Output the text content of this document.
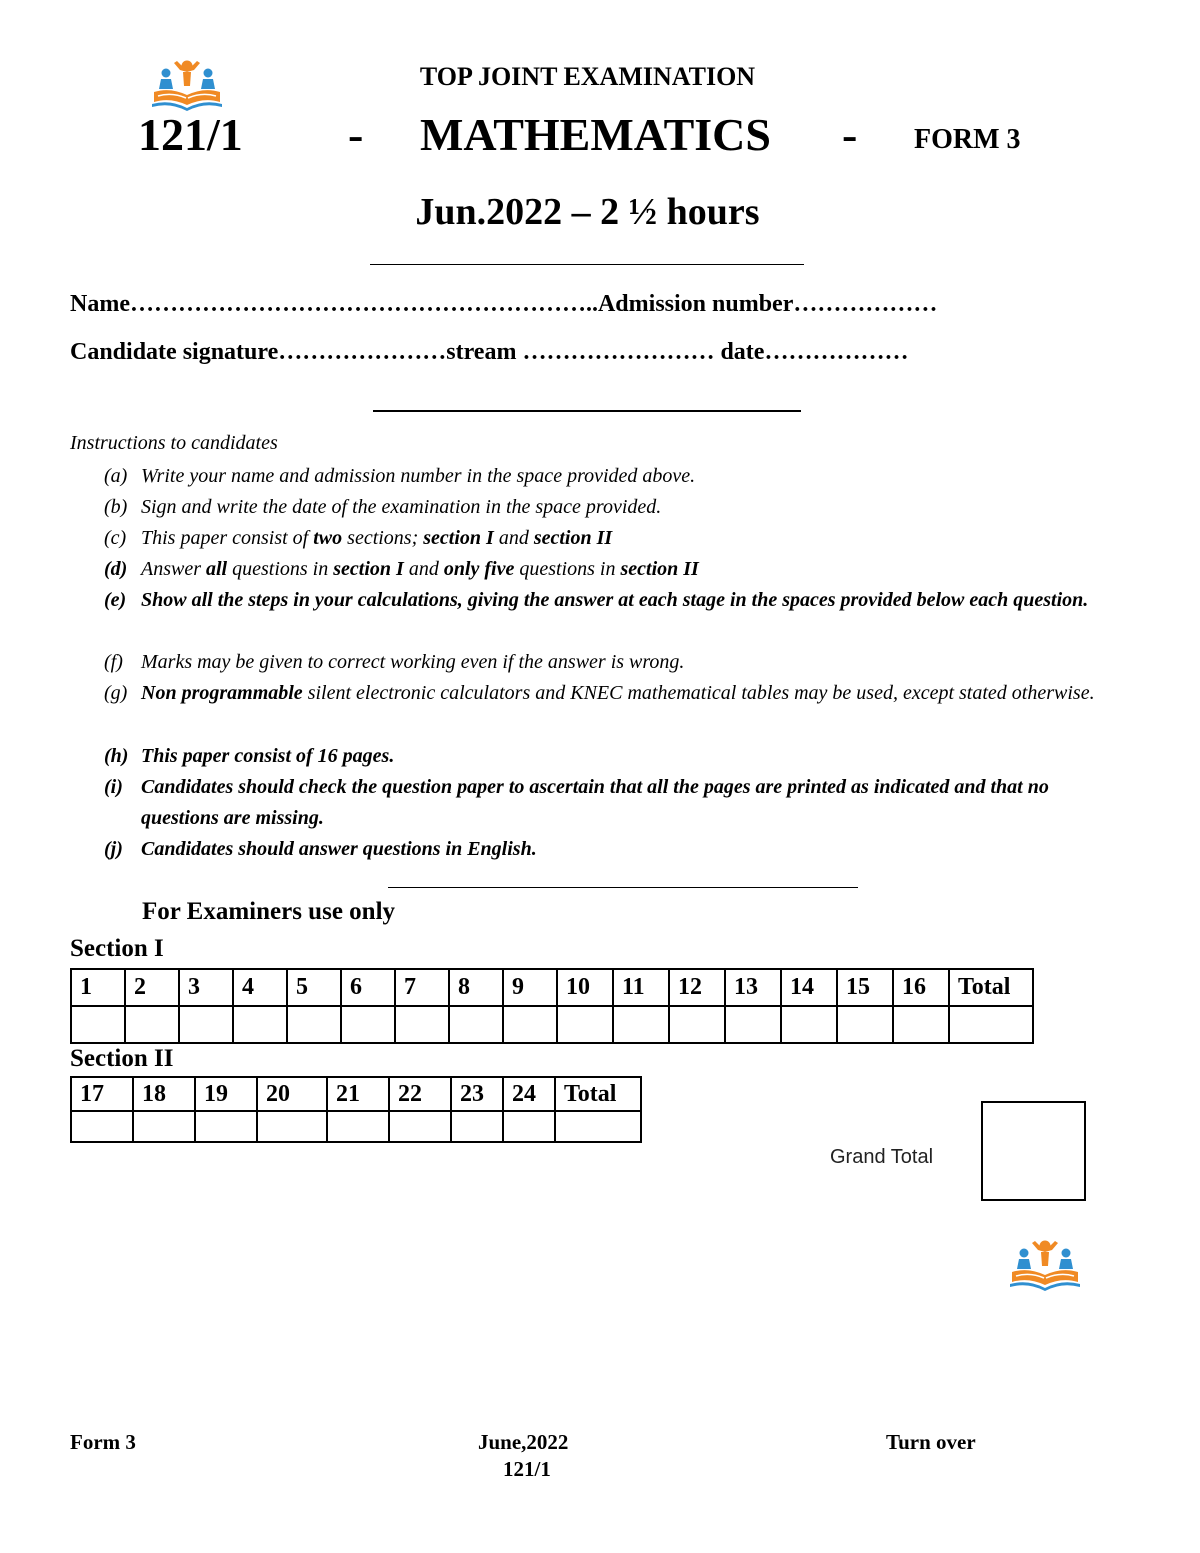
TOP JOINT EXAMINATION
121/1 - MATHEMATICS - FORM 3
Jun.2022 – 2 ½ hours
Name…………………………………………………..Admission number………………
Candidate signature…………………stream …………………… date………………
Instructions to candidates
(a) Write your name and admission number in the space provided above.
(b) Sign and write the date of the examination in the space provided.
(c) This paper consist of two sections; section I and section II
(d) Answer all questions in section I and only five questions in section II
(e) Show all the steps in your calculations, giving the answer at each stage in the spaces provided below each question.
(f) Marks may be given to correct working even if the answer is wrong.
(g) Non programmable silent electronic calculators and KNEC mathematical tables may be used, except stated otherwise.
(h) This paper consist of 16 pages.
(i) Candidates should check the question paper to ascertain that all the pages are printed as indicated and that no questions are missing.
(j) Candidates should answer questions in English.
For Examiners use only
Section I
1	2	3	4	5	6	7	8	9	10	11	12	13	14	15	16	Total

Section II
17	18	19	20	21	22	23	24	Total

Grand Total
Form 3	June,2022
121/1
Turn over
